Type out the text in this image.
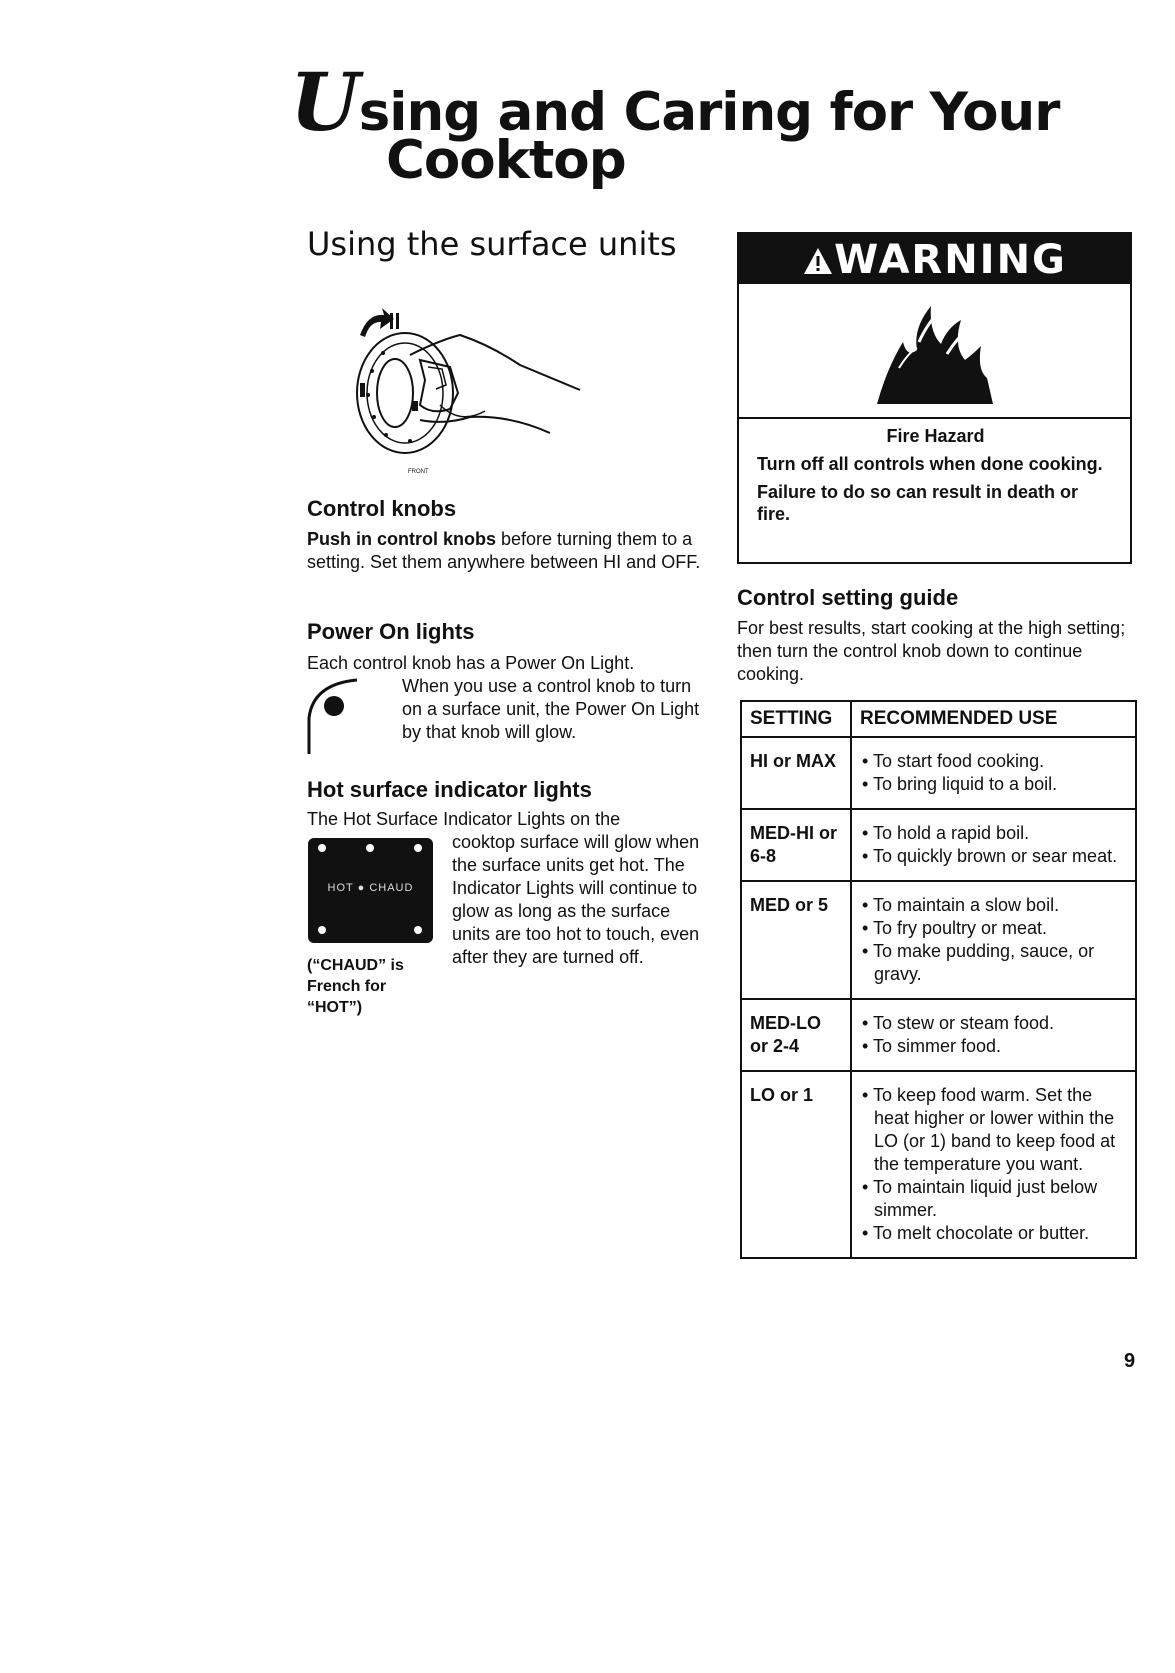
Using and Caring for Your
Cooktop
Using the surface units
FRONT
Control knobs
Push in control knobs before turning them to a setting. Set them anywhere between HI and OFF.
Power On lights
Each control knob has a Power On Light.
When you use a control knob to turn on a surface unit, the Power On Light by that knob will glow.
Hot surface indicator lights
The Hot Surface Indicator Lights on the
HOT ● CHAUD
cooktop surface will glow when the surface units get hot. The Indicator Lights will continue to glow as long as the surface units are too hot to touch, even after they are turned off.
(“CHAUD” is French for “HOT”)
WARNING
Fire Hazard
Turn off all controls when done cooking.
Failure to do so can result in death or fire.
Control setting guide
For best results, start cooking at the high setting; then turn the control knob down to continue cooking.
SETTING	RECOMMENDED USE
HI or MAX	• To start food cooking.
• To bring liquid to a boil.

MED-HI or 6-8	• To hold a rapid boil.
• To quickly brown or sear meat.

MED or 5	• To maintain a slow boil.
• To fry poultry or meat.
• To make pudding, sauce, or gravy.

MED-LO or 2-4	• To stew or steam food.
• To simmer food.

LO or 1	• To keep food warm. Set the heat higher or lower within the LO (or 1) band to keep food at the temperature you want.
• To maintain liquid just below simmer.
• To melt chocolate or butter.
9
